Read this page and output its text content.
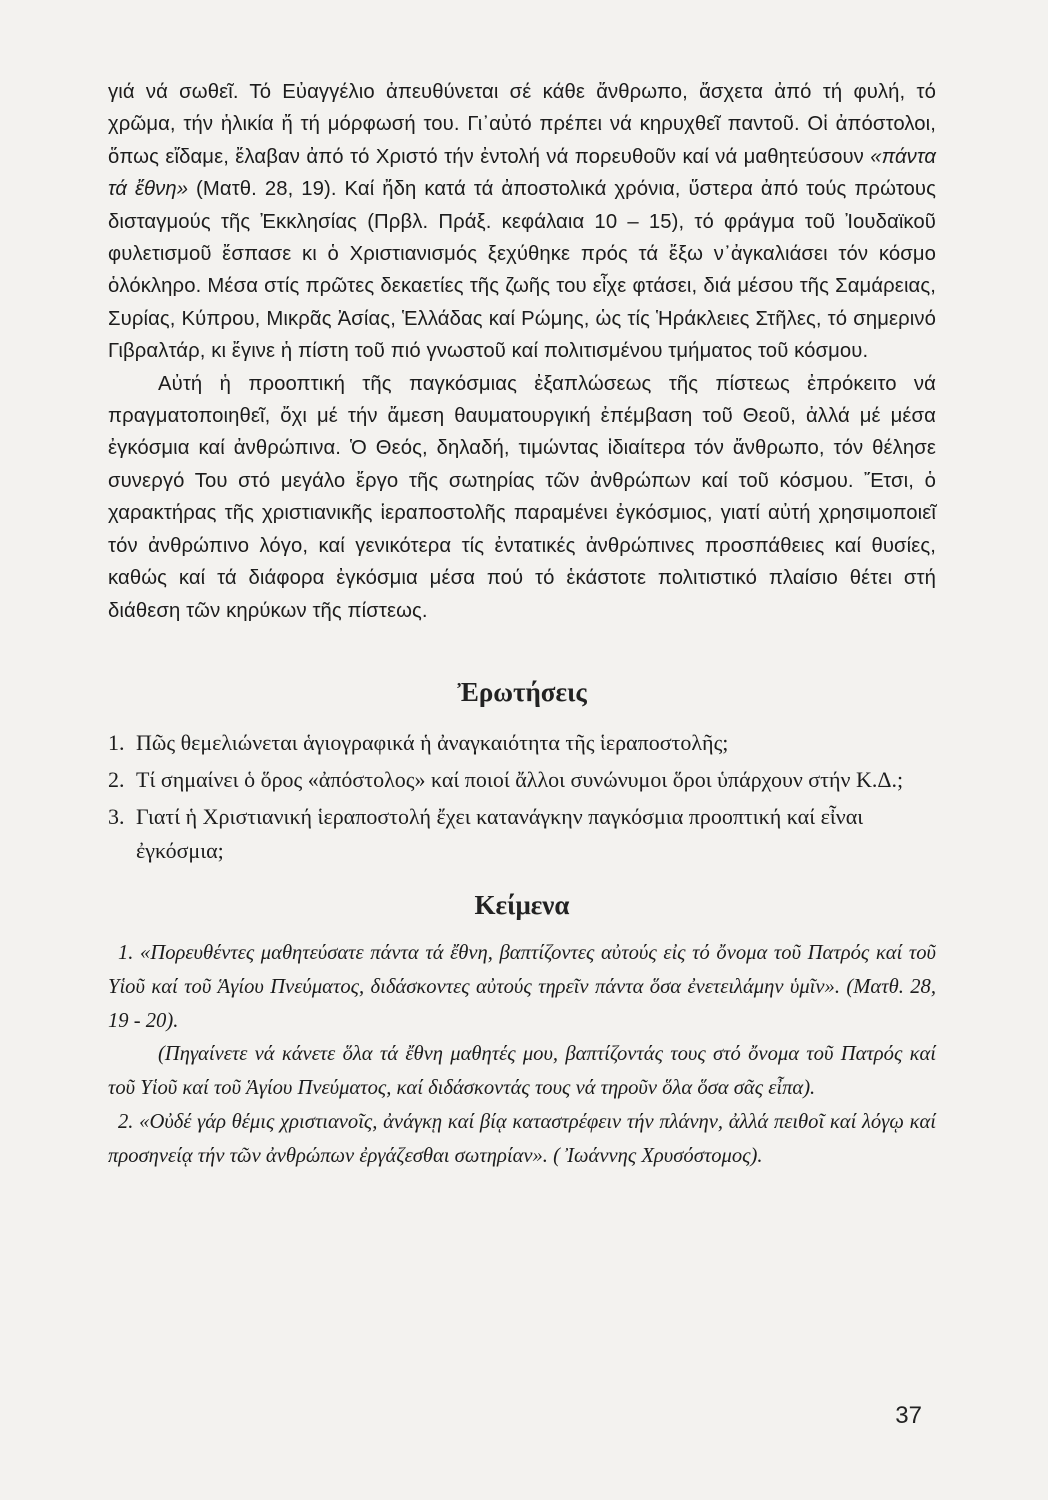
γιά νά σωθεῖ. Τό Εὐαγγέλιο ἀπευθύνεται σέ κάθε ἄνθρωπο, ἄσχετα ἀπό τή φυλή, τό χρῶμα, τήν ἡλικία ἤ τή μόρφωσή του. Γι᾽αὐτό πρέπει νά κηρυχθεῖ παντοῦ. Οἱ ἀπόστολοι, ὅπως εἴδαμε, ἔλαβαν ἀπό τό Χριστό τήν ἐντολή νά πορευθοῦν καί νά μαθητεύσουν «πάντα τά ἔθνη» (Ματθ. 28, 19). Καί ἤδη κατά τά ἀποστολικά χρόνια, ὕστερα ἀπό τούς πρώτους δισταγμούς τῆς Ἐκκλησίας (Πρβλ. Πράξ. κεφάλαια 10 – 15), τό φράγμα τοῦ Ἰουδαϊκοῦ φυλετισμοῦ ἔσπασε κι ὁ Χριστιανισμός ξεχύθηκε πρός τά ἔξω ν᾽ἀγκαλιάσει τόν κόσμο ὁλόκληρο. Μέσα στίς πρῶτες δεκαετίες τῆς ζωῆς του εἶχε φτάσει, διά μέσου τῆς Σαμάρειας, Συρίας, Κύπρου, Μικρᾶς Ἀσίας, Ἑλλάδας καί Ρώμης, ὡς τίς Ἡράκλειες Στῆλες, τό σημερινό Γιβραλτάρ, κι ἔγινε ἡ πίστη τοῦ πιό γνωστοῦ καί πολιτισμένου τμήματος τοῦ κόσμου.

Αὐτή ἡ προοπτική τῆς παγκόσμιας ἐξαπλώσεως τῆς πίστεως ἐπρόκειτο νά πραγματοποιηθεῖ, ὄχι μέ τήν ἄμεση θαυματουργική ἐπέμβαση τοῦ Θεοῦ, ἀλλά μέ μέσα ἐγκόσμια καί ἀνθρώπινα. Ὁ Θεός, δηλαδή, τιμώντας ἰδιαίτερα τόν ἄνθρωπο, τόν θέλησε συνεργό Του στό μεγάλο ἔργο τῆς σωτηρίας τῶν ἀνθρώπων καί τοῦ κόσμου. Ἔτσι, ὁ χαρακτήρας τῆς χριστιανικῆς ἱεραποστολῆς παραμένει ἐγκόσμιος, γιατί αὐτή χρησιμοποιεῖ τόν ἀνθρώπινο λόγο, καί γενικότερα τίς ἐντατικές ἀνθρώπινες προσπάθειες καί θυσίες, καθώς καί τά διάφορα ἐγκόσμια μέσα πού τό ἑκάστοτε πολιτιστικό πλαίσιο θέτει στή διάθεση τῶν κηρύκων τῆς πίστεως.

Ἐρωτήσεις
1. Πῶς θεμελιώνεται ἁγιογραφικά ἡ ἀναγκαιότητα τῆς ἱεραποστολῆς;
2. Τί σημαίνει ὁ ὅρος «ἀπόστολος» καί ποιοί ἄλλοι συνώνυμοι ὅροι ὑπάρχουν στήν Κ.Δ.;
3. Γιατί ἡ Χριστιανική ἱεραποστολή ἔχει κατανάγκην παγκόσμια προοπτική καί εἶναι ἐγκόσμια;
Κείμενα

1. «Πορευθέντες μαθητεύσατε πάντα τά ἔθνη, βαπτίζοντες αὐτούς εἰς τό ὄνομα τοῦ Πατρός καί τοῦ Υἱοῦ καί τοῦ Ἁγίου Πνεύματος, διδάσκοντες αὐτούς τηρεῖν πάντα ὅσα ἐνετειλάμην ὑμῖν». (Ματθ. 28, 19 - 20).

(Πηγαίνετε νά κάνετε ὅλα τά ἔθνη μαθητές μου, βαπτίζοντάς τους στό ὄνομα τοῦ Πατρός καί τοῦ Υἱοῦ καί τοῦ Ἁγίου Πνεύματος, καί διδάσκοντάς τους νά τηροῦν ὅλα ὅσα σᾶς εἶπα).

2. «Οὐδέ γάρ θέμις χριστιανοῖς, ἀνάγκῃ καί βίᾳ καταστρέφειν τήν πλάνην, ἀλλά πειθοῖ καί λόγῳ καί προσηνείᾳ τήν τῶν ἀνθρώπων ἐργάζεσθαι σωτηρίαν». ( Ἰωάννης Χρυσόστομος).

37
